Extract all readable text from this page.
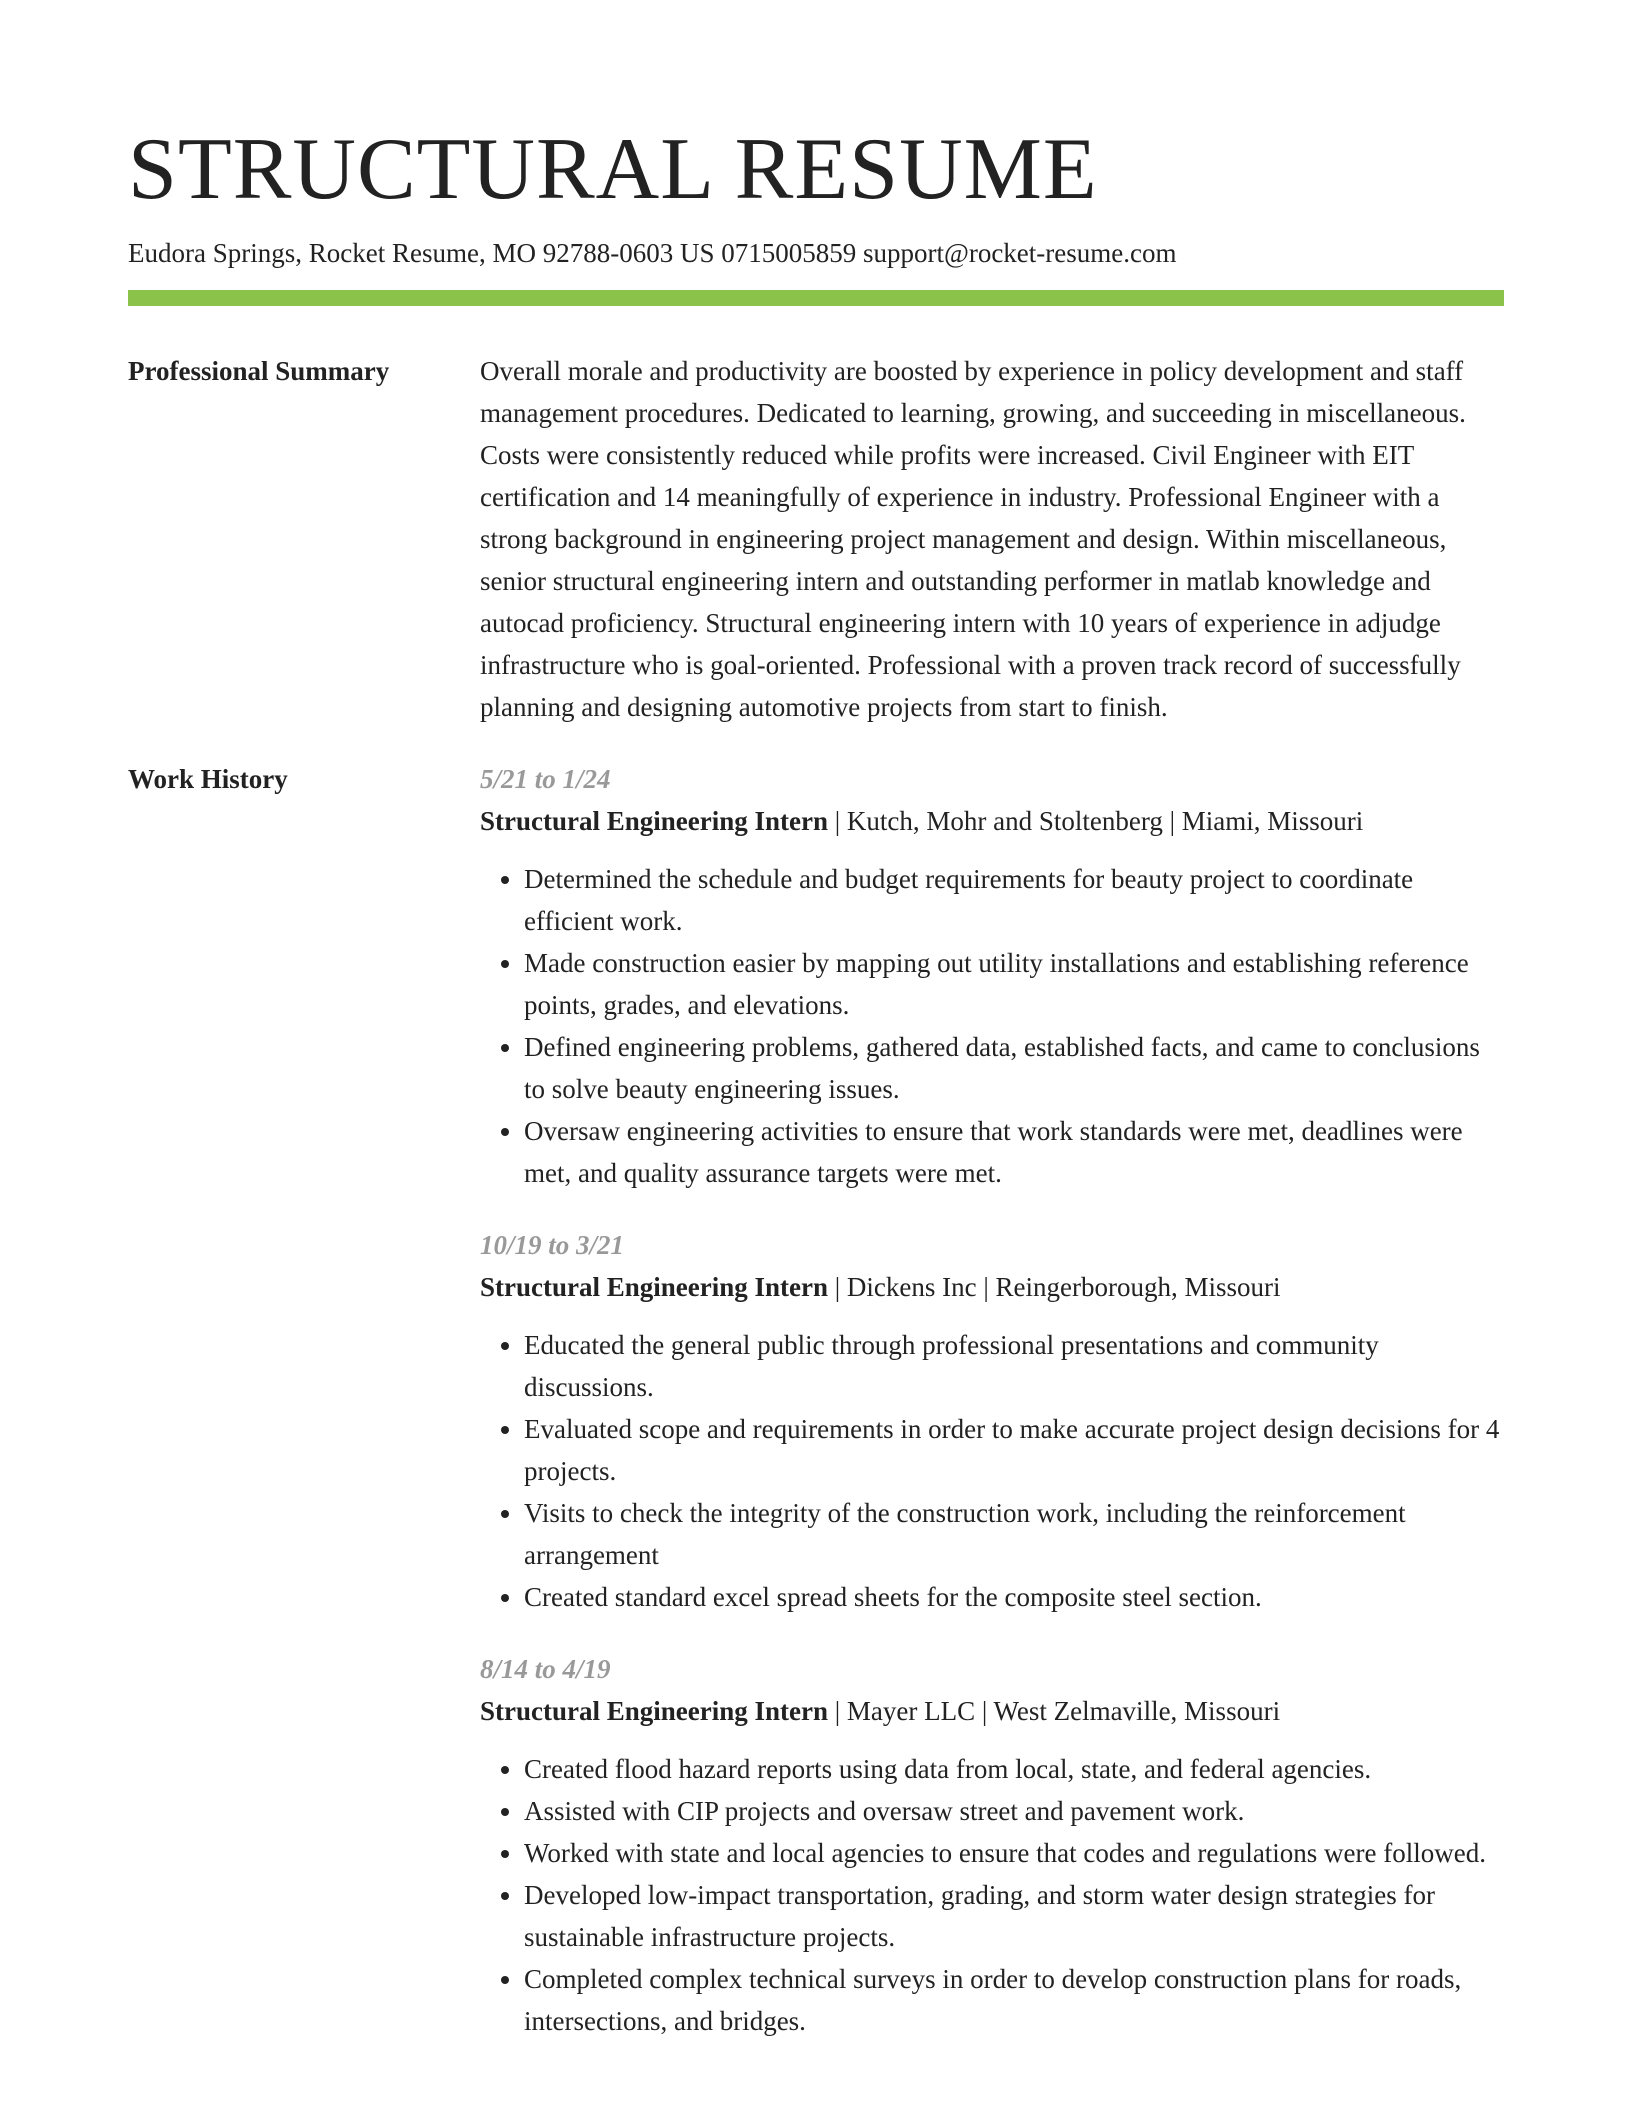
STRUCTURAL RESUME
Eudora Springs, Rocket Resume, MO 92788-0603 US 0715005859 support@rocket-resume.com
Professional Summary	Overall morale and productivity are boosted by experience in policy development and staff management procedures. Dedicated to learning, growing, and succeeding in miscellaneous. Costs were consistently reduced while profits were increased. Civil Engineer with EIT certification and 14 meaningfully of experience in industry. Professional Engineer with a strong background in engineering project management and design. Within miscellaneous, senior structural engineering intern and outstanding performer in matlab knowledge and autocad proficiency. Structural engineering intern with 10 years of experience in adjudge infrastructure who is goal-oriented. Professional with a proven track record of successfully planning and designing automotive projects from start to finish.
Work History	5/21 to 1/24
Structural Engineering Intern | Kutch, Mohr and Stoltenberg | Miami, Missouri
• Determined the schedule and budget requirements for beauty project to coordinate efficient work.
• Made construction easier by mapping out utility installations and establishing reference points, grades, and elevations.
• Defined engineering problems, gathered data, established facts, and came to conclusions to solve beauty engineering issues.
• Oversaw engineering activities to ensure that work standards were met, deadlines were met, and quality assurance targets were met.
10/19 to 3/21
Structural Engineering Intern | Dickens Inc | Reingerborough, Missouri
• Educated the general public through professional presentations and community discussions.
• Evaluated scope and requirements in order to make accurate project design decisions for 4 projects.
• Visits to check the integrity of the construction work, including the reinforcement arrangement
• Created standard excel spread sheets for the composite steel section.
8/14 to 4/19
Structural Engineering Intern | Mayer LLC | West Zelmaville, Missouri
• Created flood hazard reports using data from local, state, and federal agencies.
• Assisted with CIP projects and oversaw street and pavement work.
• Worked with state and local agencies to ensure that codes and regulations were followed.
• Developed low-impact transportation, grading, and storm water design strategies for sustainable infrastructure projects.
• Completed complex technical surveys in order to develop construction plans for roads, intersections, and bridges.
